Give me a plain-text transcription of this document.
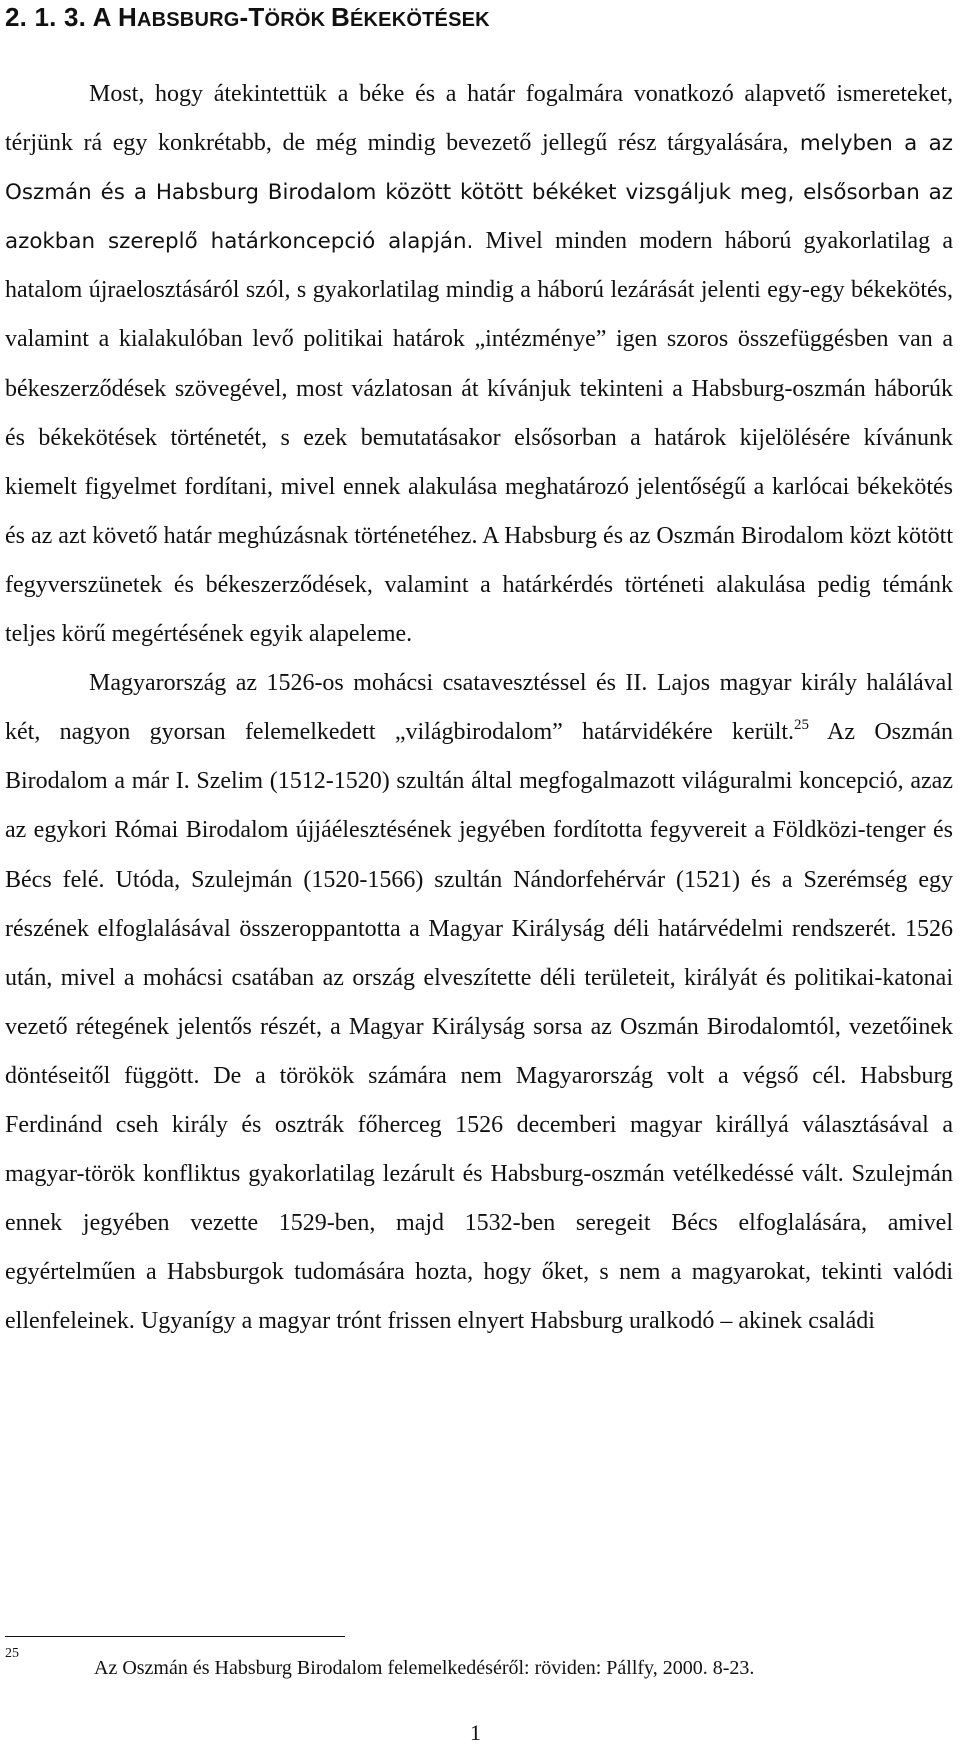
2. 1. 3. A HABSBURG-TÖRÖK BÉKEKÖTÉSEK

Most, hogy átekintettük a béke és a határ fogalmára vonatkozó alapvető ismereteket, térjünk rá egy konkrétabb, de még mindig bevezető jellegű rész tárgyalására, melyben a az Oszmán és a Habsburg Birodalom között kötött békéket vizsgáljuk meg, elsősorban az azokban szereplő határkoncepció alapján. Mivel minden modern háború gyakorlatilag a hatalom újraelosztásáról szól, s gyakorlatilag mindig a háború lezárását jelenti egy-egy békekötés, valamint a kialakulóban levő politikai határok „intézménye” igen szoros összefüggésben van a békeszerződések szövegével, most vázlatosan át kívánjuk tekinteni a Habsburg-oszmán háborúk és békekötések történetét, s ezek bemutatásakor elsősorban a határok kijelölésére kívánunk kiemelt figyelmet fordítani, mivel ennek alakulása meghatározó jelentőségű a karlócai békekötés és az azt követő határ meghúzásnak történetéhez. A Habsburg és az Oszmán Birodalom közt kötött fegyverszünetek és békeszerződések, valamint a határkérdés történeti alakulása pedig témánk teljes körű megértésének egyik alapeleme.

Magyarország az 1526-os mohácsi csatavesztéssel és II. Lajos magyar király halálával két, nagyon gyorsan felemelkedett „világbirodalom” határvidékére került.$^{25}$ Az Oszmán Birodalom a már I. Szelim (1512-1520) szultán által megfogalmazott világuralmi koncepció, azaz az egykori Római Birodalom újjáélesztésének jegyében fordította fegyvereit a Földközi-tenger és Bécs felé. Utóda, Szulejmán (1520-1566) szultán Nándorfehérvár (1521) és a Szerémség egy részének elfoglalásával összeroppantotta a Magyar Királyság déli határvédelmi rendszerét. 1526 után, mivel a mohácsi csatában az ország elveszítette déli területeit, királyát és politikai-katonai vezető rétegének jelentős részét, a Magyar Királyság sorsa az Oszmán Birodalomtól, vezetőinek döntéseitől függött. De a törökök számára nem Magyarország volt a végső cél. Habsburg Ferdinánd cseh király és osztrák főherceg 1526 decemberi magyar királlyá választásával a magyar-török konfliktus gyakorlatilag lezárult és Habsburg-oszmán vetélkedéssé vált. Szulejmán ennek jegyében vezette 1529-ben, majd 1532-ben seregeit Bécs elfoglalására, amivel egyértelműen a Habsburgok tudomására hozta, hogy őket, s nem a magyarokat, tekinti valódi ellenfeleinek. Ugyanígy a magyar trónt frissen elnyert Habsburg uralkodó – akinek családi

25
Az Oszmán és Habsburg Birodalom felemelkedéséről: röviden: Pállfy, 2000. 8-23.
1
